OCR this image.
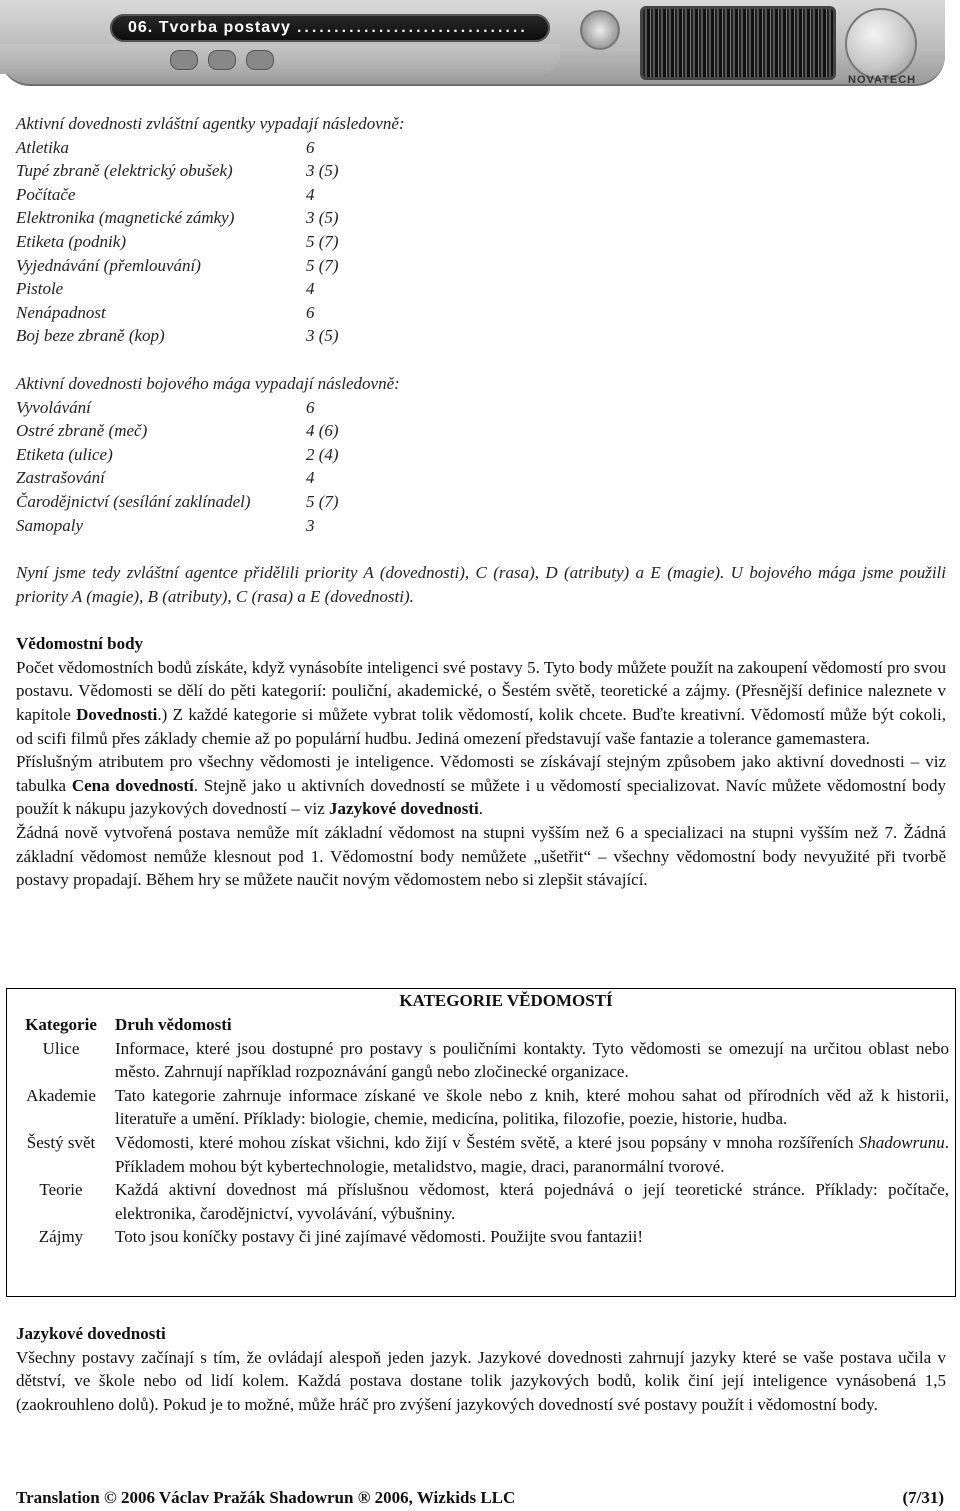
06. Tvorba postavy ...............................
NOVATECH
Aktivní dovednosti zvláštní agentky vypadají následovně:
Atletika	6
Tupé zbraně (elektrický obušek)	3 (5)
Počítače	4
Elektronika (magnetické zámky)	3 (5)
Etiketa (podnik)	5 (7)
Vyjednávání (přemlouvání)	5 (7)
Pistole	4
Nenápadnost	6
Boj beze zbraně (kop)	3 (5)
Aktivní dovednosti bojového mága vypadají následovně:
Vyvolávání	6
Ostré zbraně (meč)	4 (6)
Etiketa (ulice)	2 (4)
Zastrašování	4
Čarodějnictví (sesílání zaklínadel)	5 (7)
Samopaly	3

Nyní jsme tedy zvláštní agentce přidělili priority A (dovednosti), C (rasa), D (atributy) a E (magie). U bojového mága jsme použili priority A (magie), B (atributy), C (rasa) a E (dovednosti).

Vědomostní body

Počet vědomostních bodů získáte, když vynásobíte inteligenci své postavy 5. Tyto body můžete použít na zakoupení vědomostí pro svou postavu. Vědomosti se dělí do pěti kategorií: pouliční, akademické, o Šestém světě, teoretické a zájmy. (Přesnější definice naleznete v kapitole Dovednosti.) Z každé kategorie si můžete vybrat tolik vědomostí, kolik chcete. Buďte kreativní. Vědomostí může být cokoli, od scifi filmů přes základy chemie až po populární hudbu. Jediná omezení představují vaše fantazie a tolerance gamemastera.

Příslušným atributem pro všechny vědomosti je inteligence. Vědomosti se získávají stejným způsobem jako aktivní dovednosti – viz tabulka Cena dovedností. Stejně jako u aktivních dovedností se můžete i u vědomostí specializovat. Navíc můžete vědomostní body použít k nákupu jazykových dovedností – viz Jazykové dovednosti.

Žádná nově vytvořená postava nemůže mít základní vědomost na stupni vyšším než 6 a specializaci na stupni vyšším než 7. Žádná základní vědomost nemůže klesnout pod 1. Vědomostní body nemůžete „ušetřit“ – všechny vědomostní body nevyužité při tvorbě postavy propadají. Během hry se můžete naučit novým vědomostem nebo si zlepšit stávající.

KATEGORIE VĚDOMOSTÍ
Kategorie	Druh vědomosti
Ulice	Informace, které jsou dostupné pro postavy s pouličními kontakty. Tyto vědomosti se omezují na určitou oblast nebo město. Zahrnují například rozpoznávání gangů nebo zločinecké organizace.
Akademie	Tato kategorie zahrnuje informace získané ve škole nebo z knih, které mohou sahat od přírodních věd až k historii, literatuře a umění. Příklady: biologie, chemie, medicína, politika, filozofie, poezie, historie, hudba.
Šestý svět	Vědomosti, které mohou získat všichni, kdo žijí v Šestém světě, a které jsou popsány v mnoha rozšířeních Shadowrunu. Příkladem mohou být kybertechnologie, metalidstvo, magie, draci, paranormální tvorové.
Teorie	Každá aktivní dovednost má příslušnou vědomost, která pojednává o její teoretické stránce. Příklady: počítače, elektronika, čarodějnictví, vyvolávání, výbušniny.
Zájmy	Toto jsou koníčky postavy či jiné zajímavé vědomosti. Použijte svou fantazii!
Jazykové dovednosti

Všechny postavy začínají s tím, že ovládají alespoň jeden jazyk. Jazykové dovednosti zahrnují jazyky které se vaše postava učila v dětství, ve škole nebo od lidí kolem. Každá postava dostane tolik jazykových bodů, kolik činí její inteligence vynásobená 1,5 (zaokrouhleno dolů). Pokud je to možné, může hráč pro zvýšení jazykových dovedností své postavy použít i vědomostní body.

Translation © 2006 Václav Pražák Shadowrun ® 2006, Wizkids LLC	(7/31)
